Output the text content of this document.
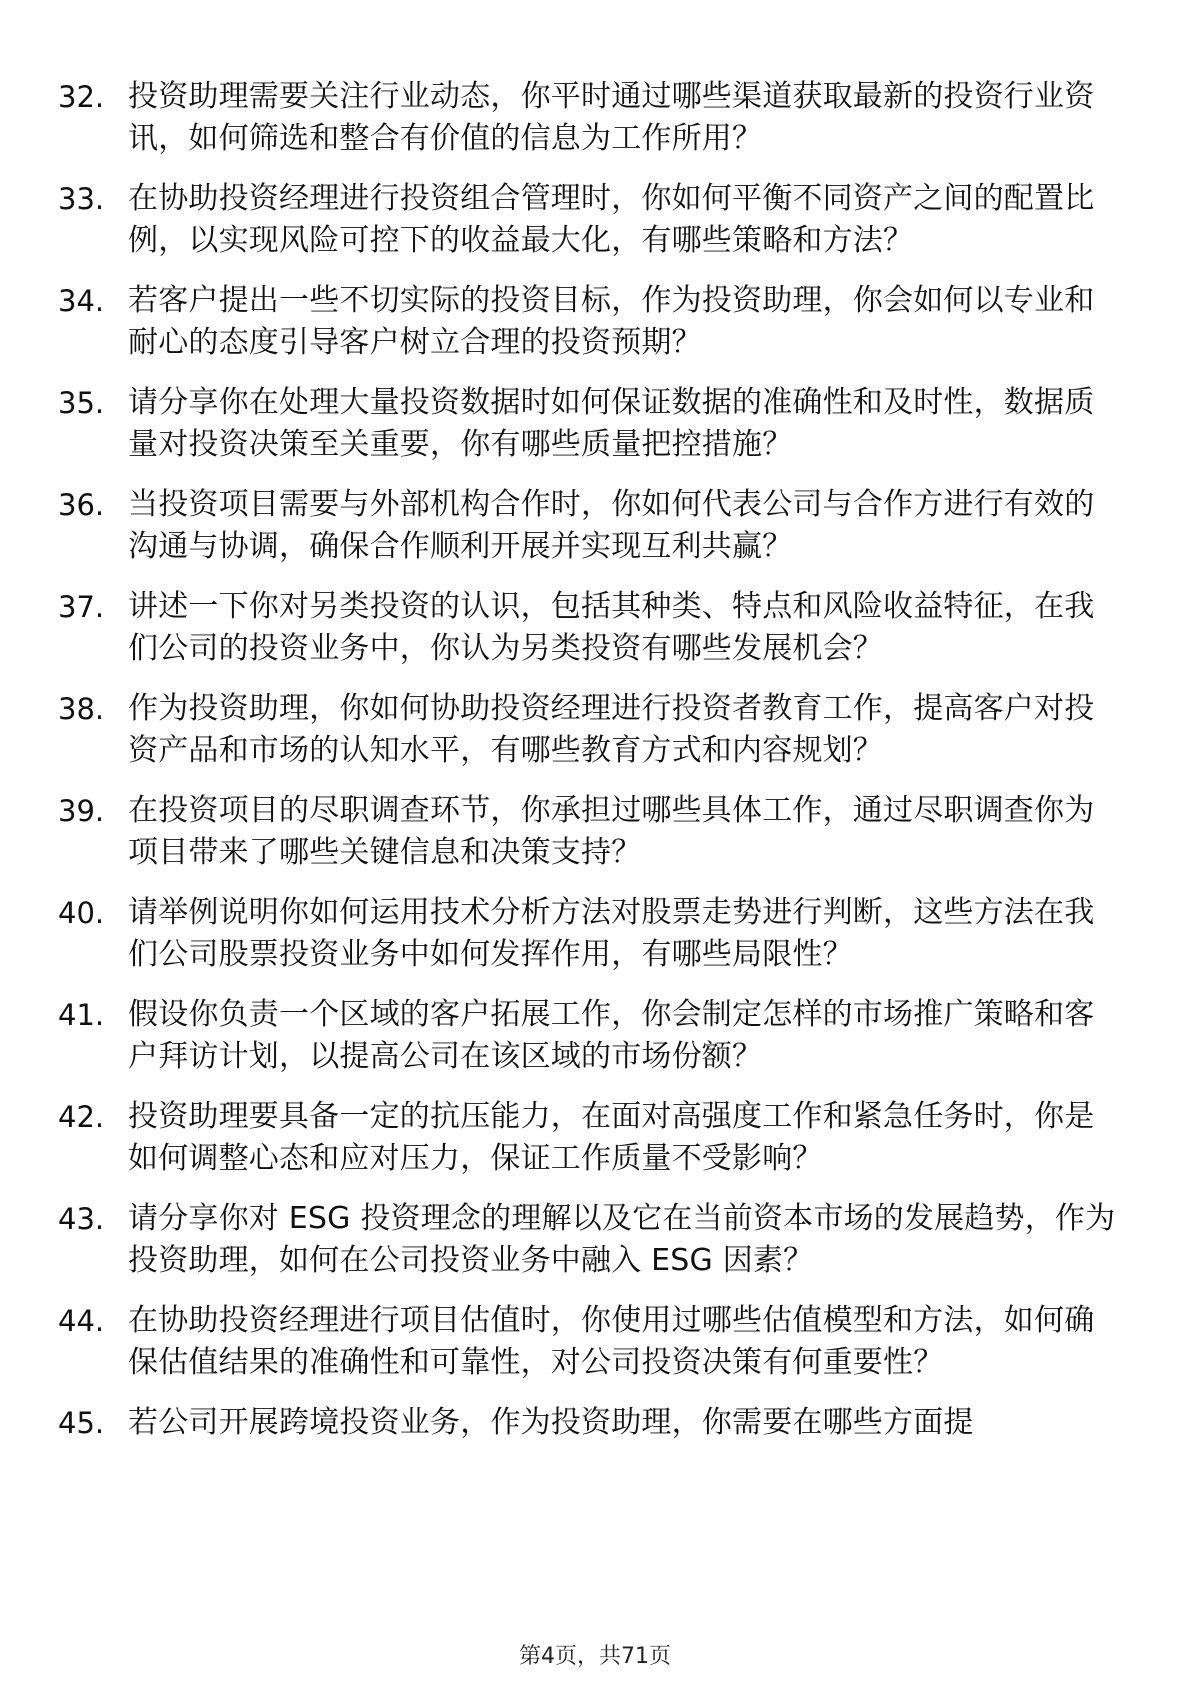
32. 投资助理需要关注行业动态，你平时通过哪些渠道获取最新的投资行业资讯，如何筛选和整合有价值的信息为工作所用？
33. 在协助投资经理进行投资组合管理时，你如何平衡不同资产之间的配置比例，以实现风险可控下的收益最大化，有哪些策略和方法？
34. 若客户提出一些不切实际的投资目标，作为投资助理，你会如何以专业和耐心的态度引导客户树立合理的投资预期？
35. 请分享你在处理大量投资数据时如何保证数据的准确性和及时性，数据质量对投资决策至关重要，你有哪些质量把控措施？
36. 当投资项目需要与外部机构合作时，你如何代表公司与合作方进行有效的沟通与协调，确保合作顺利开展并实现互利共赢？
37. 讲述一下你对另类投资的认识，包括其种类、特点和风险收益特征，在我们公司的投资业务中，你认为另类投资有哪些发展机会？
38. 作为投资助理，你如何协助投资经理进行投资者教育工作，提高客户对投资产品和市场的认知水平，有哪些教育方式和内容规划？
39. 在投资项目的尽职调查环节，你承担过哪些具体工作，通过尽职调查你为项目带来了哪些关键信息和决策支持？
40. 请举例说明你如何运用技术分析方法对股票走势进行判断，这些方法在我们公司股票投资业务中如何发挥作用，有哪些局限性？
41. 假设你负责一个区域的客户拓展工作，你会制定怎样的市场推广策略和客户拜访计划，以提高公司在该区域的市场份额？
42. 投资助理要具备一定的抗压能力，在面对高强度工作和紧急任务时，你是如何调整心态和应对压力，保证工作质量不受影响？
43. 请分享你对 ESG 投资理念的理解以及它在当前资本市场的发展趋势，作为投资助理，如何在公司投资业务中融入 ESG 因素？
44. 在协助投资经理进行项目估值时，你使用过哪些估值模型和方法，如何确保估值结果的准确性和可靠性，对公司投资决策有何重要性？
45. 若公司开展跨境投资业务，作为投资助理，你需要在哪些方面提
第4页，共71页
